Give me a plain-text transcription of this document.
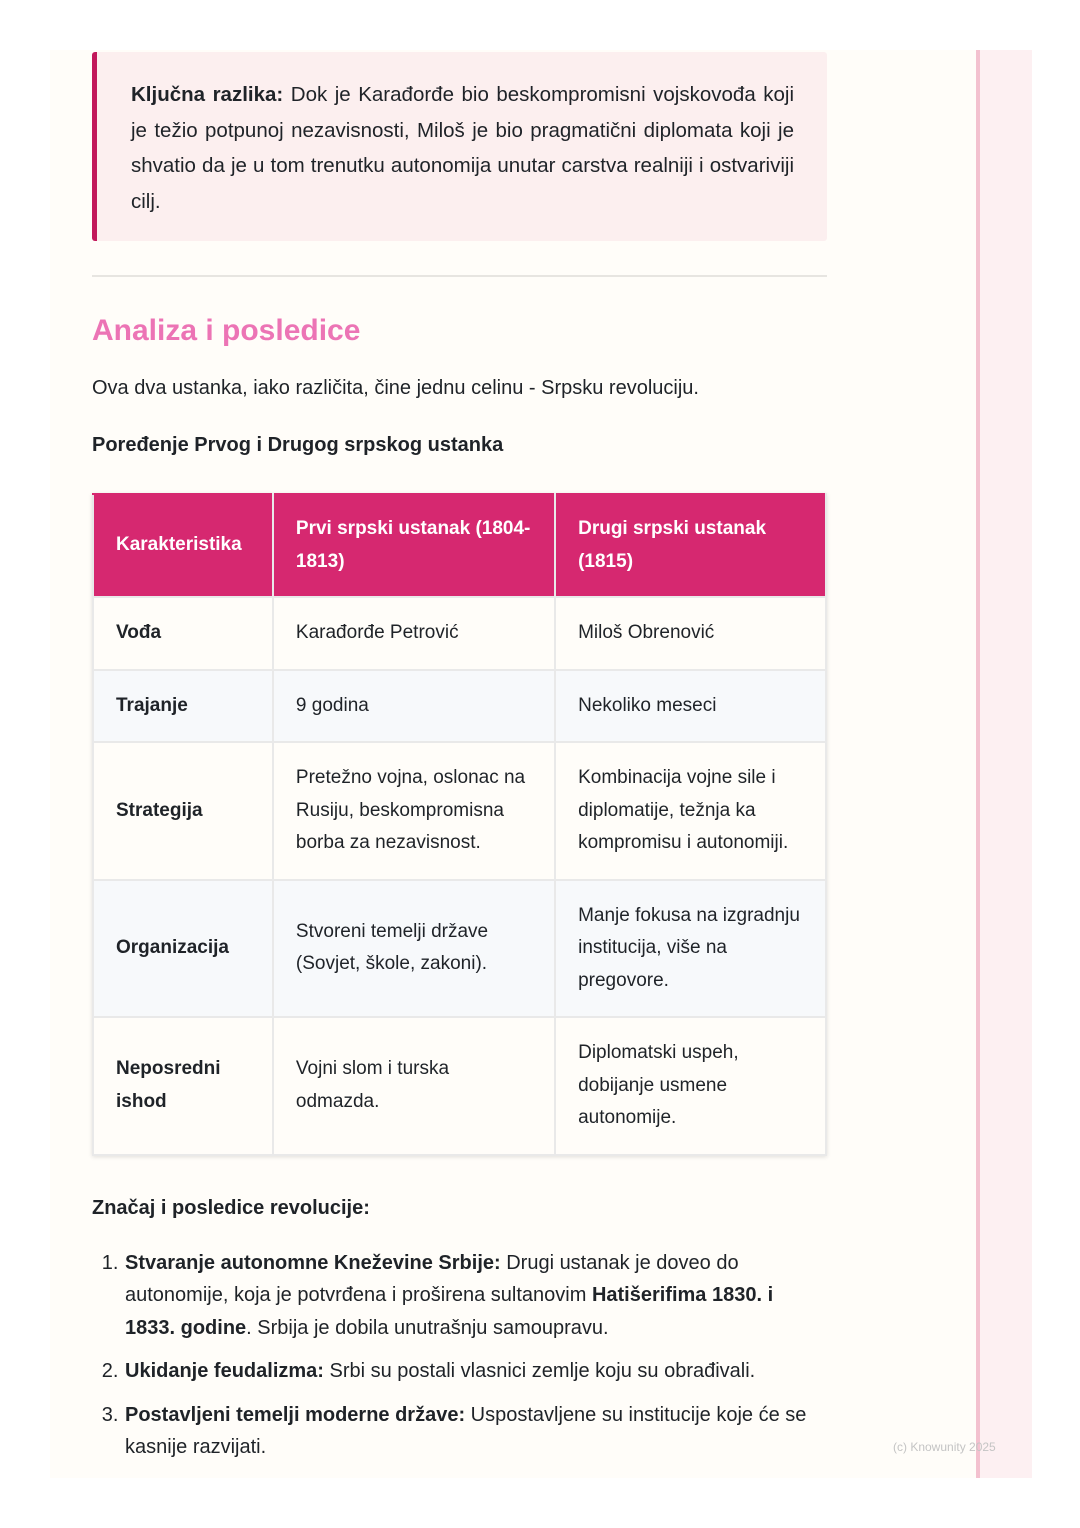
Ključna razlika: Dok je Karađorđe bio beskompromisni vojskovođa koji je težio potpunoj nezavisnosti, Miloš je bio pragmatični diplomata koji je shvatio da je u tom trenutku autonomija unutar carstva realniji i ostvariviji cilj.
Analiza i posledice
Ova dva ustanka, iako različita, čine jednu celinu - Srpsku revoluciju.
Poređenje Prvog i Drugog srpskog ustanka
Karakteristika	Prvi srpski ustanak (1804-1813)	Drugi srpski ustanak (1815)
Vođa	Karađorđe Petrović	Miloš Obrenović
Trajanje	9 godina	Nekoliko meseci
Strategija	Pretežno vojna, oslonac na Rusiju, beskompromisna borba za nezavisnost.	Kombinacija vojne sile i diplomatije, težnja ka kompromisu i autonomiji.
Organizacija	Stvoreni temelji države (Sovjet, škole, zakoni).	Manje fokusa na izgradnju institucija, više na pregovore.
Neposredni ishod	Vojni slom i turska odmazda.	Diplomatski uspeh, dobijanje usmene autonomije.
Značaj i posledice revolucije:
1. Stvaranje autonomne Kneževine Srbije: Drugi ustanak je doveo do autonomije, koja je potvrđena i proširena sultanovim Hatišerifima 1830. i 1833. godine. Srbija je dobila unutrašnju samoupravu.
2. Ukidanje feudalizma: Srbi su postali vlasnici zemlje koju su obrađivali.
3. Postavljeni temelji moderne države: Uspostavljene su institucije koje će se kasnije razvijati.	(c) Knowunity 2025
